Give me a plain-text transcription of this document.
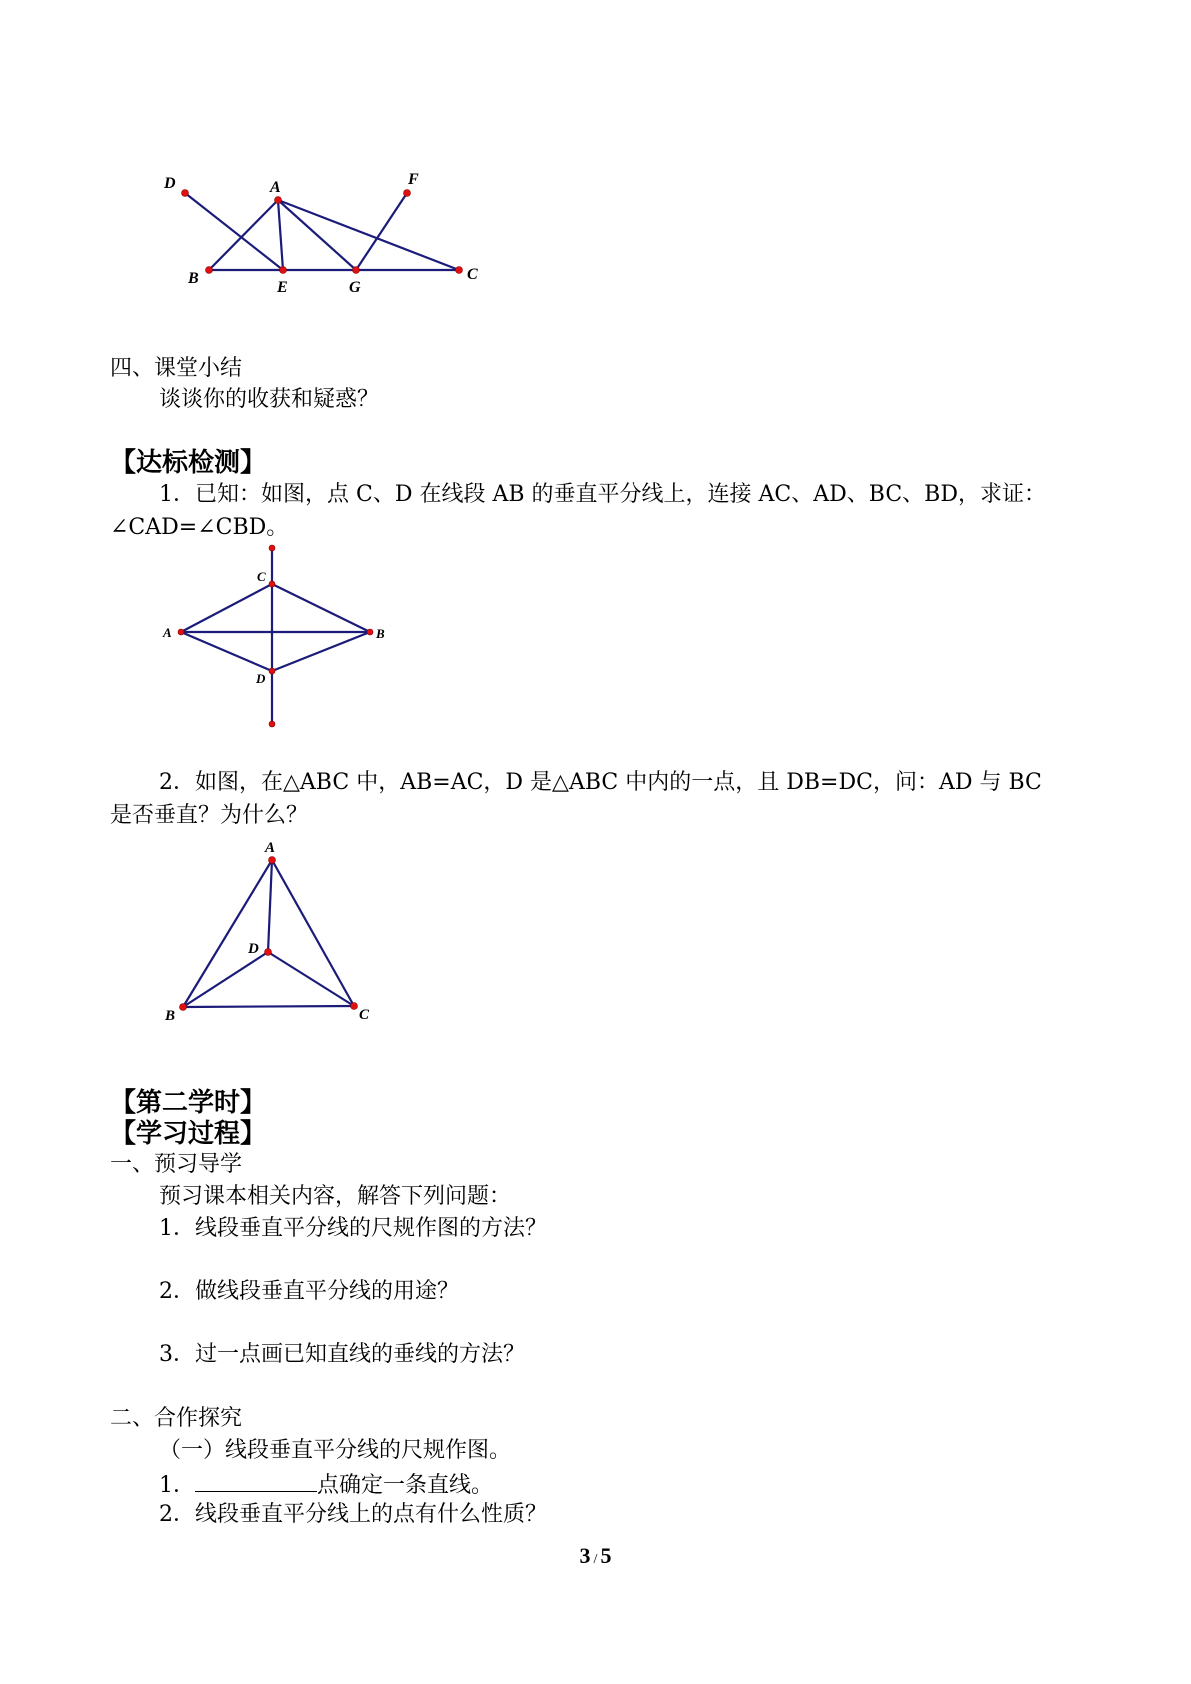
D	A	F
B
E	G
C
C
A	B
D
A
D
B	C
四、课堂小结
谈谈你的收获和疑惑？
【达标检测】
1．已知：如图，点 C、D 在线段 AB 的垂直平分线上，连接 AC、AD、BC、BD，求证：
∠CAD=∠CBD。
2．如图，在△ABC 中，AB=AC，D 是△ABC 中内的一点，且 DB=DC，问：AD 与 BC
是否垂直？为什么？
【第二学时】
【学习过程】
一、预习导学
预习课本相关内容，解答下列问题：
1．线段垂直平分线的尺规作图的方法？
2．做线段垂直平分线的用途？
3．过一点画已知直线的垂线的方法？
二、合作探究
（一）线段垂直平分线的尺规作图。
1．	点确定一条直线。
2．线段垂直平分线上的点有什么性质？
3 / 5
